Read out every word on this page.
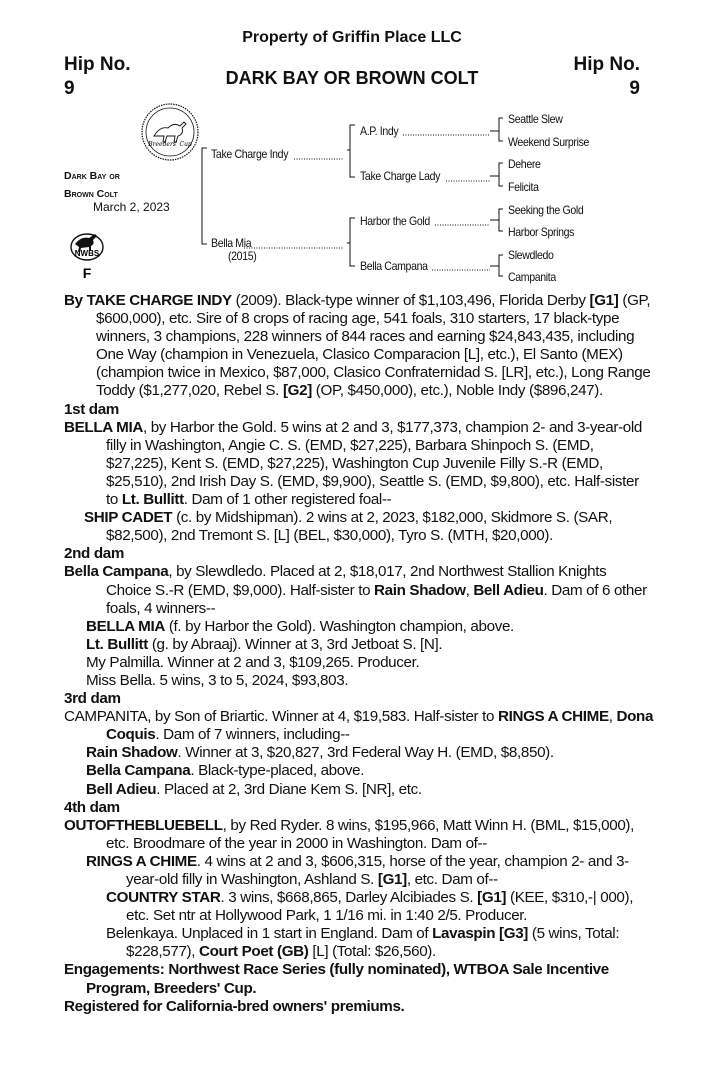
Property of Griffin Place LLC
Hip No.
9
Hip No.
9
DARK BAY OR BROWN COLT
Breeders' Cup
NWBS
F
Dark Bay or
Brown Colt
March 2, 2023
Take Charge Indy
Bella Mia
(2015)
A.P. Indy
Take Charge Lady
Harbor the Gold
Bella Campana
Seattle Slew
Weekend Surprise
Dehere
Felicita
Seeking the Gold
Harbor Springs
Slewdledo
Campanita

By TAKE CHARGE INDY (2009). Black-type winner of $1,103,496, Florida Derby [G1] (GP, $600,000), etc. Sire of 8 crops of racing age, 541 foals, 310 starters, 17 black-type winners, 3 champions, 228 winners of 844 races and earning $24,843,435, including One Way (champion in Venezuela, Clasico Comparacion [L], etc.), El Santo (MEX) (champion twice in Mexico, $87,000, Clasico Confraternidad S. [LR], etc.), Long Range Toddy ($1,277,020, Rebel S. [G2] (OP, $450,000), etc.), Noble Indy ($896,247).

1st dam

BELLA MIA, by Harbor the Gold. 5 wins at 2 and 3, $177,373, champion 2- and 3-year-old filly in Washington, Angie C. S. (EMD, $27,225), Barbara Shinpoch S. (EMD, $27,225), Kent S. (EMD, $27,225), Washington Cup Juvenile Filly S.-R (EMD, $25,510), 2nd Irish Day S. (EMD, $9,900), Seattle S. (EMD, $9,800), etc. Half-sister to Lt. Bullitt. Dam of 1 other registered foal--

SHIP CADET (c. by Midshipman). 2 wins at 2, 2023, $182,000, Skidmore S. (SAR, $82,500), 2nd Tremont S. [L] (BEL, $30,000), Tyro S. (MTH, $20,000).

2nd dam

Bella Campana, by Slewdledo. Placed at 2, $18,017, 2nd Northwest Stallion Knights Choice S.-R (EMD, $9,000). Half-sister to Rain Shadow, Bell Adieu. Dam of 6 other foals, 4 winners--

BELLA MIA (f. by Harbor the Gold). Washington champion, above.

Lt. Bullitt (g. by Abraaj). Winner at 3, 3rd Jetboat S. [N].

My Palmilla. Winner at 2 and 3, $109,265. Producer.

Miss Bella. 5 wins, 3 to 5, 2024, $93,803.

3rd dam

CAMPANITA, by Son of Briartic. Winner at 4, $19,583. Half-sister to RINGS A CHIME, Dona Coquis. Dam of 7 winners, including--

Rain Shadow. Winner at 3, $20,827, 3rd Federal Way H. (EMD, $8,850).

Bella Campana. Black-type-placed, above.

Bell Adieu. Placed at 2, 3rd Diane Kem S. [NR], etc.

4th dam

OUTOFTHEBLUEBELL, by Red Ryder. 8 wins, $195,966, Matt Winn H. (BML, $15,000), etc. Broodmare of the year in 2000 in Washington. Dam of--

RINGS A CHIME. 4 wins at 2 and 3, $606,315, horse of the year, champion 2- and 3-year-old filly in Washington, Ashland S. [G1], etc. Dam of--

COUNTRY STAR. 3 wins, $668,865, Darley Alcibiades S. [G1] (KEE, $310,-| 000), etc. Set ntr at Hollywood Park, 1 1/16 mi. in 1:40 2/5. Producer.

Belenkaya. Unplaced in 1 start in England. Dam of Lavaspin [G3] (5 wins, Total: $228,577), Court Poet (GB) [L] (Total: $26,560).

Engagements: Northwest Race Series (fully nominated), WTBOA Sale Incentive Program, Breeders' Cup.

Registered for California-bred owners' premiums.
